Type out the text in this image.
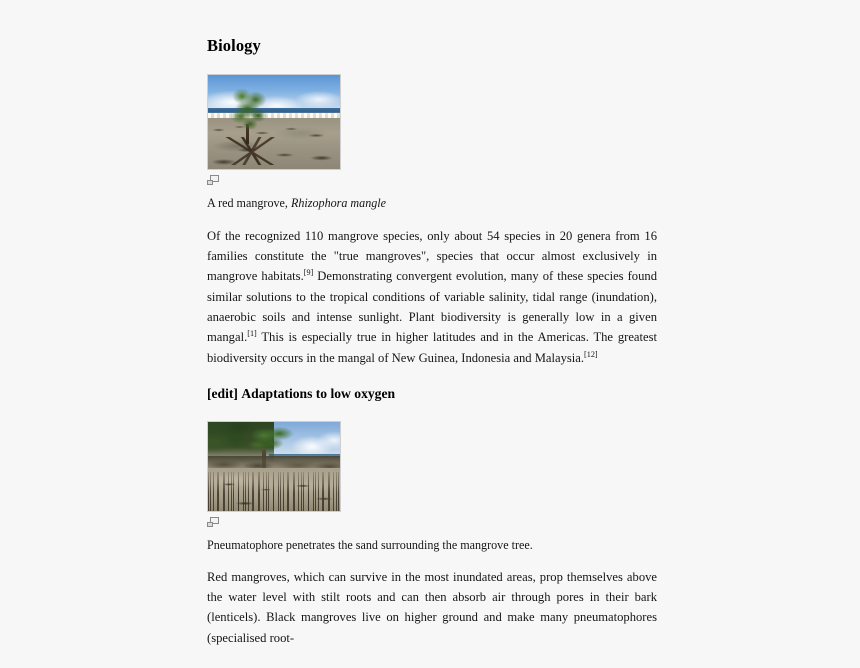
Biology
A red mangrove, Rhizophora mangle

Of the recognized 110 mangrove species, only about 54 species in 20 genera from 16 families constitute the "true mangroves", species that occur almost exclusively in mangrove habitats.[9] Demonstrating convergent evolution, many of these species found similar solutions to the tropical conditions of variable salinity, tidal range (inundation), anaerobic soils and intense sunlight. Plant biodiversity is generally low in a given mangal.[1] This is especially true in higher latitudes and in the Americas. The greatest biodiversity occurs in the mangal of New Guinea, Indonesia and Malaysia.[12]

[edit] Adaptations to low oxygen
Pneumatophore penetrates the sand surrounding the mangrove tree.

Red mangroves, which can survive in the most inundated areas, prop themselves above the water level with stilt roots and can then absorb air through pores in their bark (lenticels). Black mangroves live on higher ground and make many pneumatophores (specialised root-
